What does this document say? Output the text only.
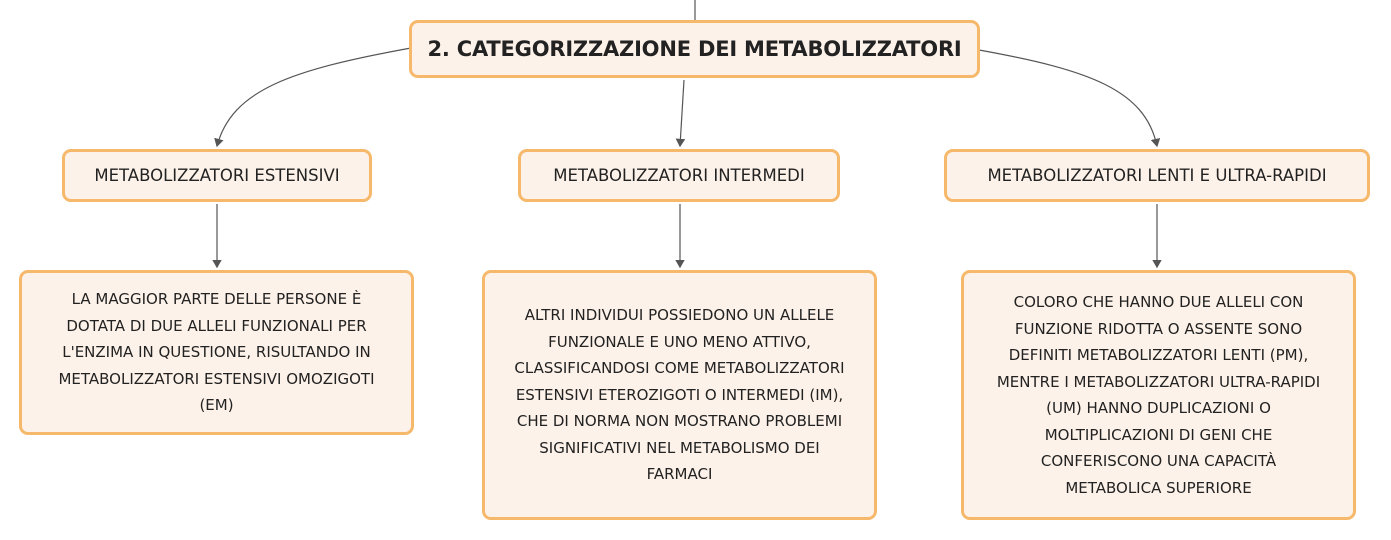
2. CATEGORIZZAZIONE DEI METABOLIZZATORI
METABOLIZZATORI ESTENSIVI	METABOLIZZATORI INTERMEDI	METABOLIZZATORI LENTI E ULTRA-RAPIDI
LA MAGGIOR PARTE DELLE PERSONE È
DOTATA DI DUE ALLELI FUNZIONALI PER
L'ENZIMA IN QUESTIONE, RISULTANDO IN
METABOLIZZATORI ESTENSIVI OMOZIGOTI
(EM)
ALTRI INDIVIDUI POSSIEDONO UN ALLELE
FUNZIONALE E UNO MENO ATTIVO,
CLASSIFICANDOSI COME METABOLIZZATORI
ESTENSIVI ETEROZIGOTI O INTERMEDI (IM),
CHE DI NORMA NON MOSTRANO PROBLEMI
SIGNIFICATIVI NEL METABOLISMO DEI
FARMACI
COLORO CHE HANNO DUE ALLELI CON
FUNZIONE RIDOTTA O ASSENTE SONO
DEFINITI METABOLIZZATORI LENTI (PM),
MENTRE I METABOLIZZATORI ULTRA-RAPIDI
(UM) HANNO DUPLICAZIONI O
MOLTIPLICAZIONI DI GENI CHE
CONFERISCONO UNA CAPACITÀ
METABOLICA SUPERIORE
